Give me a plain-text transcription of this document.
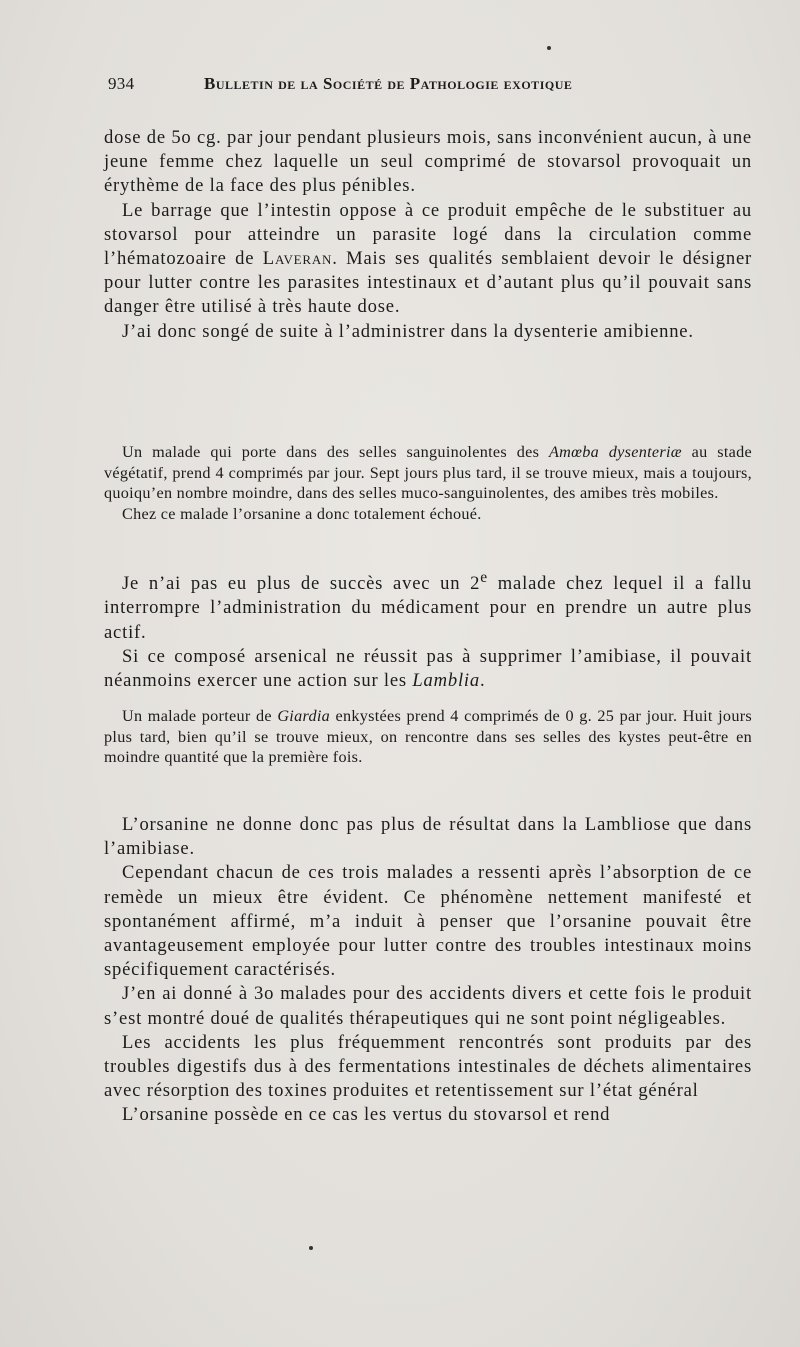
934	Bulletin de la Société de Pathologie exotique

dose de 5o cg. par jour pendant plusieurs mois, sans inconvénient aucun, à une jeune femme chez laquelle un seul comprimé de stovarsol provoquait un érythème de la face des plus pénibles.

Le barrage que l’intestin oppose à ce produit empêche de le substituer au stovarsol pour atteindre un parasite logé dans la circulation comme l’hématozoaire de Laveran. Mais ses qualités semblaient devoir le désigner pour lutter contre les parasites intestinaux et d’autant plus qu’il pouvait sans danger être utilisé à très haute dose.

J’ai donc songé de suite à l’administrer dans la dysenterie amibienne.

Un malade qui porte dans des selles sanguinolentes des Amœba dysenteriæ au stade végétatif, prend 4 comprimés par jour. Sept jours plus tard, il se trouve mieux, mais a toujours, quoiqu’en nombre moindre, dans des selles muco-sanguinolentes, des amibes très mobiles.

Chez ce malade l’orsanine a donc totalement échoué.

Je n’ai pas eu plus de succès avec un 2e malade chez lequel il a fallu interrompre l’administration du médicament pour en prendre un autre plus actif.

Si ce composé arsenical ne réussit pas à supprimer l’amibiase, il pouvait néanmoins exercer une action sur les Lamblia.

Un malade porteur de Giardia enkystées prend 4 comprimés de 0 g. 25 par jour. Huit jours plus tard, bien qu’il se trouve mieux, on rencontre dans ses selles des kystes peut-être en moindre quantité que la première fois.

L’orsanine ne donne donc pas plus de résultat dans la Lambliose que dans l’amibiase.

Cependant chacun de ces trois malades a ressenti après l’absorption de ce remède un mieux être évident. Ce phénomène nettement manifesté et spontanément affirmé, m’a induit à penser que l’orsanine pouvait être avantageusement employée pour lutter contre des troubles intestinaux moins spécifiquement caractérisés.

J’en ai donné à 3o malades pour des accidents divers et cette fois le produit s’est montré doué de qualités thérapeutiques qui ne sont point négligeables.

Les accidents les plus fréquemment rencontrés sont produits par des troubles digestifs dus à des fermentations intestinales de déchets alimentaires avec résorption des toxines produites et retentissement sur l’état général

L’orsanine possède en ce cas les vertus du stovarsol et rend
